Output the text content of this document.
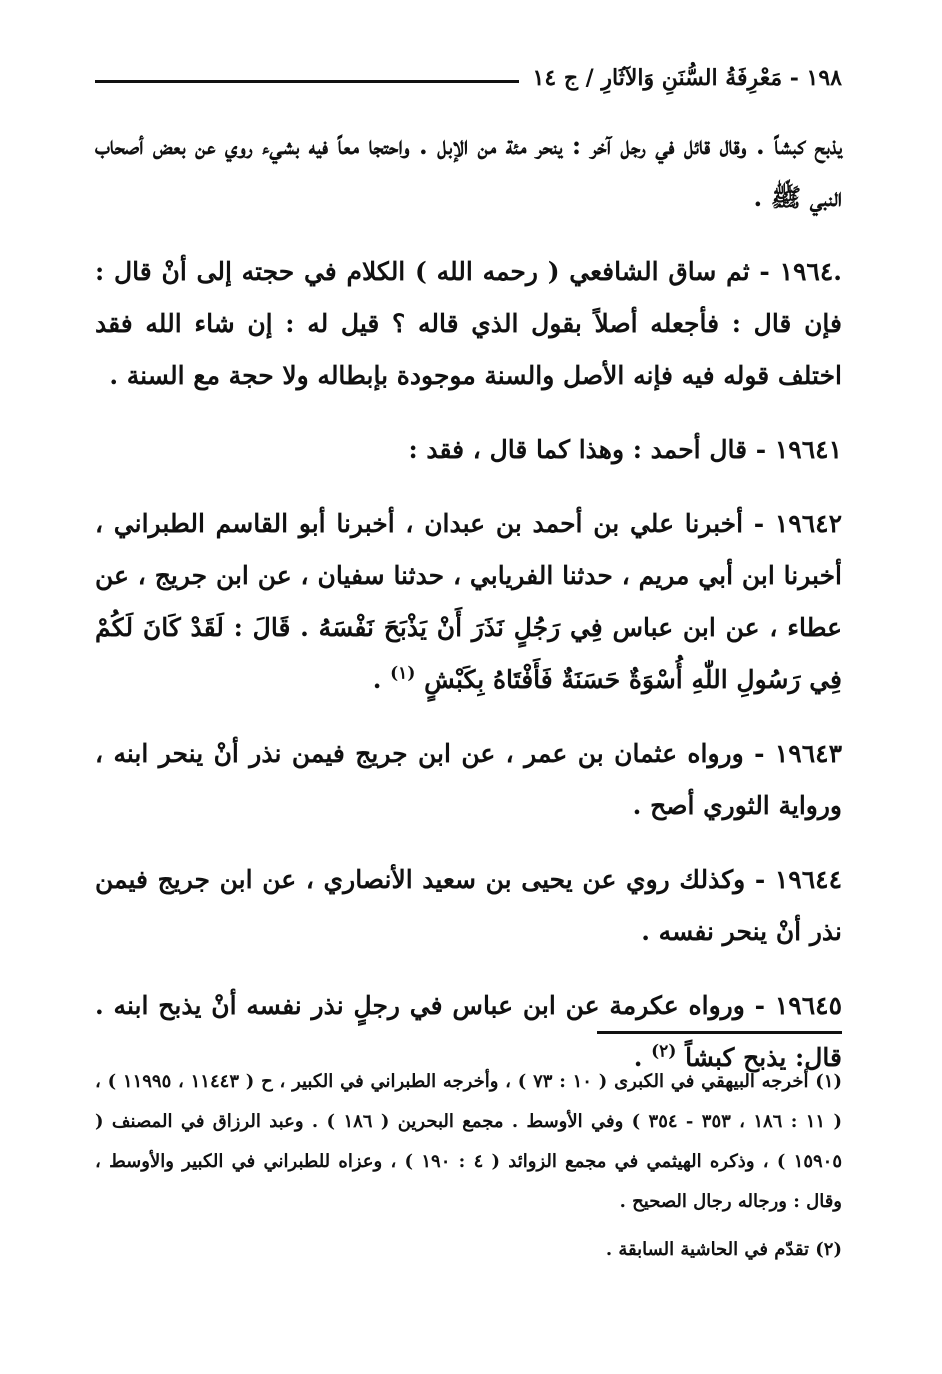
١٩٨ - مَعْرِفَةُ السُّنَنِ وَالآثَارِ / ج ١٤

يذبح كبشاً . وقال قائل في رجل آخر : ينحر مئة من الإبل . واحتجا معاً فيه بشيء روي عن بعض أصحاب النبي ﷺ .

.١٩٦٤ - ثم ساق الشافعي ( رحمه الله ) الكلام في حجته إلى أنْ قال : فإن قال : فأجعله أصلاً بقول الذي قاله ؟ قيل له : إن شاء الله فقد اختلف قوله فيه فإنه الأصل والسنة موجودة بإبطاله ولا حجة مع السنة .

١٩٦٤١ - قال أحمد : وهذا كما قال ، فقد :

١٩٦٤٢ - أخبرنا علي بن أحمد بن عبدان ، أخبرنا أبو القاسم الطبراني ، أخبرنا ابن أبي مريم ، حدثنا الفريابي ، حدثنا سفيان ، عن ابن جريج ، عن عطاء ، عن ابن عباس فِي رَجُلٍ نَذَرَ أَنْ يَذْبَحَ نَفْسَهُ . قَالَ : لَقَدْ كَانَ لَكُمْ فِي رَسُولِ اللّٰهِ أُسْوَةٌ حَسَنَةٌ فَأَفْتَاهُ بِكَبْشٍ $^{(١)}$ .

١٩٦٤٣ - ورواه عثمان بن عمر ، عن ابن جريج فيمن نذر أنْ ينحر ابنه ، ورواية الثوري أصح .

١٩٦٤٤ - وكذلك روي عن يحيى بن سعيد الأنصاري ، عن ابن جريج فيمن نذر أنْ ينحر نفسه .

١٩٦٤٥ - ورواه عكرمة عن ابن عباس في رجلٍ نذر نفسه أنْ يذبح ابنه . قال: يذبح كبشاً $^{(٢)}$ .

(١) أخرجه البيهقي في الكبرى ( ١٠ : ٧٣ ) ، وأخرجه الطبراني في الكبير ، ح ( ١١٤٤٣ ، ١١٩٩٥ ) ، ( ١١ : ١٨٦ ، ٣٥٣ - ٣٥٤ ) وفي الأوسط . مجمع البحرين ( ١٨٦ ) . وعبد الرزاق في المصنف ( ١٥٩٠٥ ) ، وذكره الهيثمي في مجمع الزوائد ( ٤ : ١٩٠ ) ، وعزاه للطبراني في الكبير والأوسط ، وقال : ورجاله رجال الصحيح .

(٢) تقدّم في الحاشية السابقة .
